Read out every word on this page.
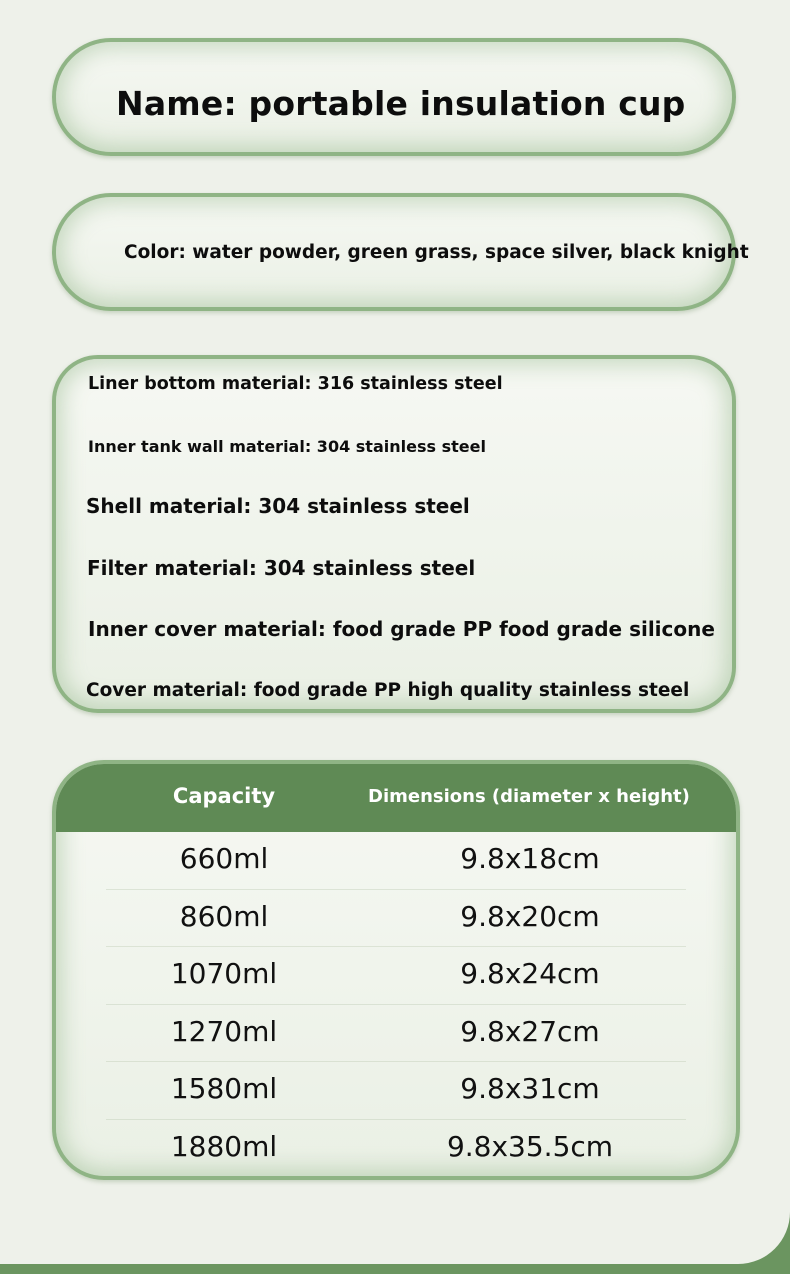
Name: portable insulation cup

Color: water powder, green grass, space silver, black knight

Liner bottom material: 316 stainless steel

Inner tank wall material: 304 stainless steel

Shell material: 304 stainless steel

Filter material: 304 stainless steel

Inner cover material: food grade PP food grade silicone

Cover material: food grade PP high quality stainless steel

Capacity	Dimensions (diameter x height)
660ml	9.8x18cm
860ml	9.8x20cm
1070ml	9.8x24cm
1270ml	9.8x27cm
1580ml	9.8x31cm
1880ml	9.8x35.5cm
